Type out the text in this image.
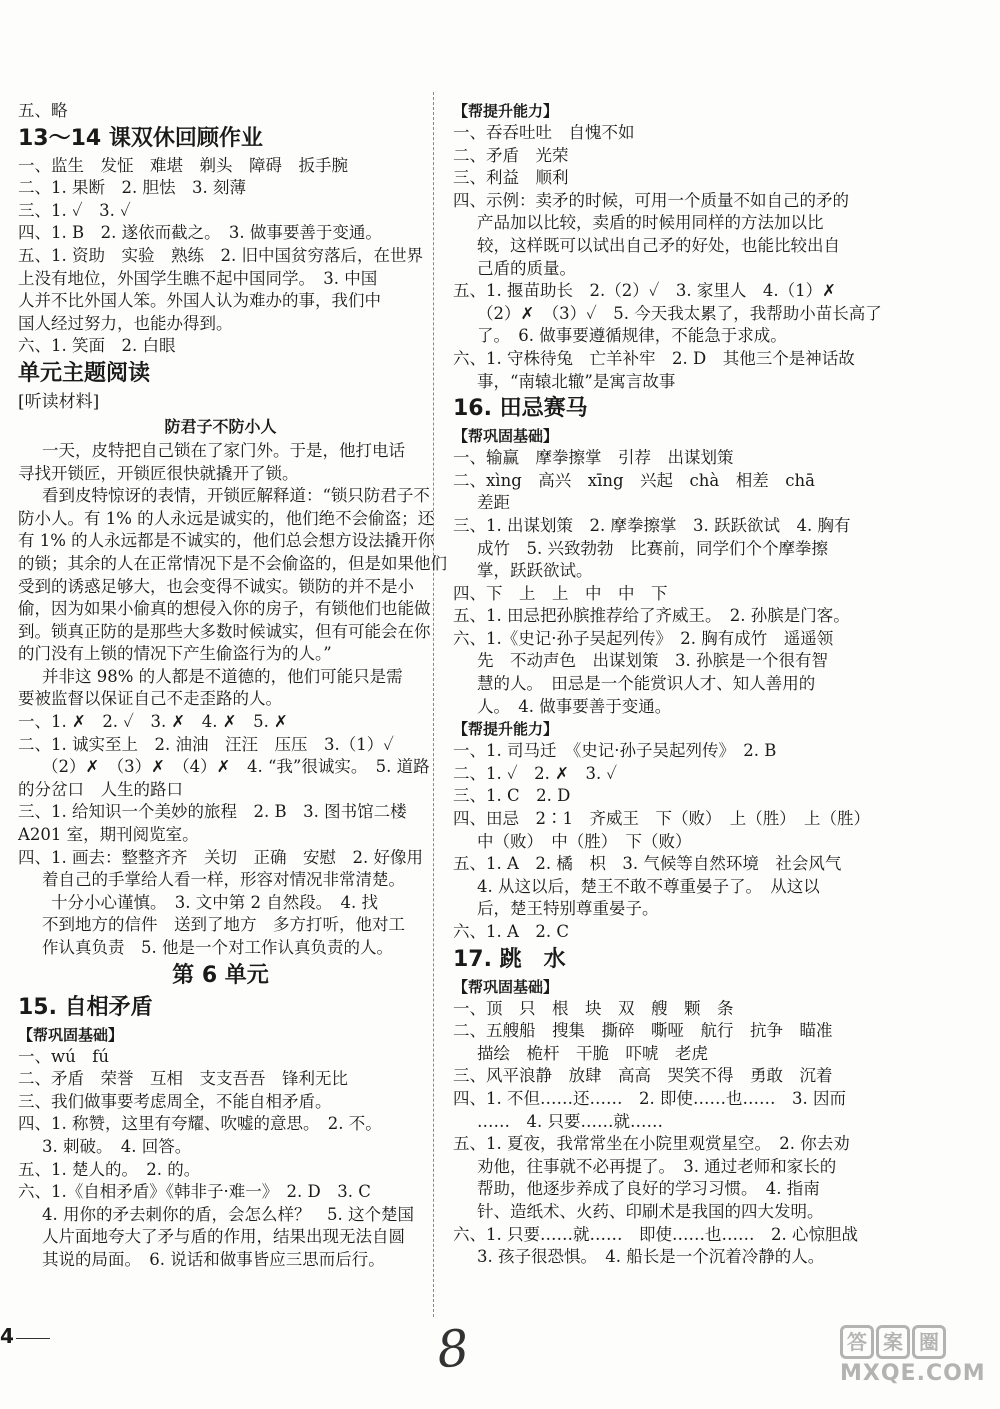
五、略
13～14 课双休回顾作业
一、监生　发怔　难堪　剃头　障碍　扳手腕
二、1. 果断　2. 胆怯　3. 刻薄
三、1. ✓　3. ✓
四、1. B　2. 遂依而截之。　3. 做事要善于变通。
五、1. 资助　实验　熟练　2. 旧中国贫穷落后，在世界
上没有地位，外国学生瞧不起中国同学。　3. 中国
人并不比外国人笨。外国人认为难办的事，我们中
国人经过努力，也能办得到。
六、1. 笑面　2. 白眼
单元主题阅读
[听读材料]
防君子不防小人
一天，皮特把自己锁在了家门外。于是，他打电话
寻找开锁匠，开锁匠很快就撬开了锁。
看到皮特惊讶的表情，开锁匠解释道：“锁只防君子不
防小人。有 1% 的人永远是诚实的，他们绝不会偷盗；还
有 1% 的人永远都是不诚实的，他们总会想方设法撬开你
的锁；其余的人在正常情况下是不会偷盗的，但是如果他们
受到的诱惑足够大，也会变得不诚实。锁防的并不是小
偷，因为如果小偷真的想侵入你的房子，有锁他们也能做
到。锁真正防的是那些大多数时候诚实，但有可能会在你
的门没有上锁的情况下产生偷盗行为的人。”
并非这 98% 的人都是不道德的，他们可能只是需
要被监督以保证自己不走歪路的人。
一、1. ✗　2. ✓　3. ✗　4. ✗　5. ✗
二、1. 诚实至上　2. 油油　汪汪　压压　3.（1）✓
（2）✗　（3）✗　（4）✗　4. “我”很诚实。　5. 道路
的分岔口　人生的路口
三、1. 给知识一个美妙的旅程　2. B　3. 图书馆二楼
A201 室，期刊阅览室。
四、1. 画去：整整齐齐　关切　正确　安慰　2. 好像用
着自己的手掌给人看一样，形容对情况非常清楚。
十分小心谨慎。　3. 文中第 2 自然段。　4. 找
不到地方的信件　送到了地方　多方打听，他对工
作认真负责　5. 他是一个对工作认真负责的人。
第 6 单元
15. 自相矛盾
【帮巩固基础】
一、wú　fú
二、矛盾　荣誉　互相　支支吾吾　锋利无比
三、我们做事要考虑周全，不能自相矛盾。
四、1. 称赞，这里有夸耀、吹嘘的意思。　2. 不。
3. 刺破。　4. 回答。
五、1. 楚人的。　2. 的。
六、1.《自相矛盾》《韩非子·难一》　2. D　3. C
4. 用你的矛去刺你的盾，会怎么样？　5. 这个楚国
人片面地夸大了矛与盾的作用，结果出现无法自圆
其说的局面。　6. 说话和做事皆应三思而后行。
【帮提升能力】
一、吞吞吐吐　自愧不如
二、矛盾　光荣
三、利益　顺利
四、示例：卖矛的时候，可用一个质量不如自己的矛的
产品加以比较，卖盾的时候用同样的方法加以比
较，这样既可以试出自己矛的好处，也能比较出自
己盾的质量。
五、1. 揠苗助长　2.（2）✓　3. 家里人　4.（1）✗
（2）✗　（3）✓　5. 今天我太累了，我帮助小苗长高了
了。　6. 做事要遵循规律，不能急于求成。
六、1. 守株待兔　亡羊补牢　2. D　其他三个是神话故
事，“南辕北辙”是寓言故事
16. 田忌赛马
【帮巩固基础】
一、输赢　摩拳擦掌　引荐　出谋划策
二、xìng　高兴　xīng　兴起　chà　相差　chā
差距
三、1. 出谋划策　2. 摩拳擦掌　3. 跃跃欲试　4. 胸有
成竹　5. 兴致勃勃　比赛前，同学们个个摩拳擦
掌，跃跃欲试。
四、下　上　上　中　中　下
五、1. 田忌把孙膑推荐给了齐威王。　2. 孙膑是门客。
六、1.《史记·孙子吴起列传》　2. 胸有成竹　遥遥领
先　不动声色　出谋划策　3. 孙膑是一个很有智
慧的人。　田忌是一个能赏识人才、知人善用的
人。　4. 做事要善于变通。
【帮提升能力】
一、1. 司马迁　《史记·孙子吴起列传》　2. B
二、1. ✓　2. ✗　3. ✓
三、1. C　2. D
四、田忌　2∶1　齐威王　下（败）　上（胜）　上（胜）
中（败）　中（胜）　下（败）
五、1. A　2. 橘　枳　3. 气候等自然环境　社会风气
4. 从这以后，楚王不敢不尊重晏子了。　从这以
后，楚王特别尊重晏子。
六、1. A　2. C
17. 跳　水
【帮巩固基础】
一、顶　只　根　块　双　艘　颗　条
二、五艘船　搜集　撕碎　嘶哑　航行　抗争　瞄准
描绘　桅杆　干脆　吓唬　老虎
三、风平浪静　放肆　高高　哭笑不得　勇敢　沉着
四、1. 不但……还……　2. 即使……也……　3. 因而
……　4. 只要……就……
五、1. 夏夜，我常常坐在小院里观赏星空。　2. 你去劝
劝他，往事就不必再提了。　3. 通过老师和家长的
帮助，他逐步养成了良好的学习习惯。　4. 指南
针、造纸术、火药、印刷术是我国的四大发明。
六、1. 只要……就……　即使……也……　2. 心惊胆战
3. 孩子很恐惧。　4. 船长是一个沉着冷静的人。
4	8	答 案 圈
MXQE.COM
